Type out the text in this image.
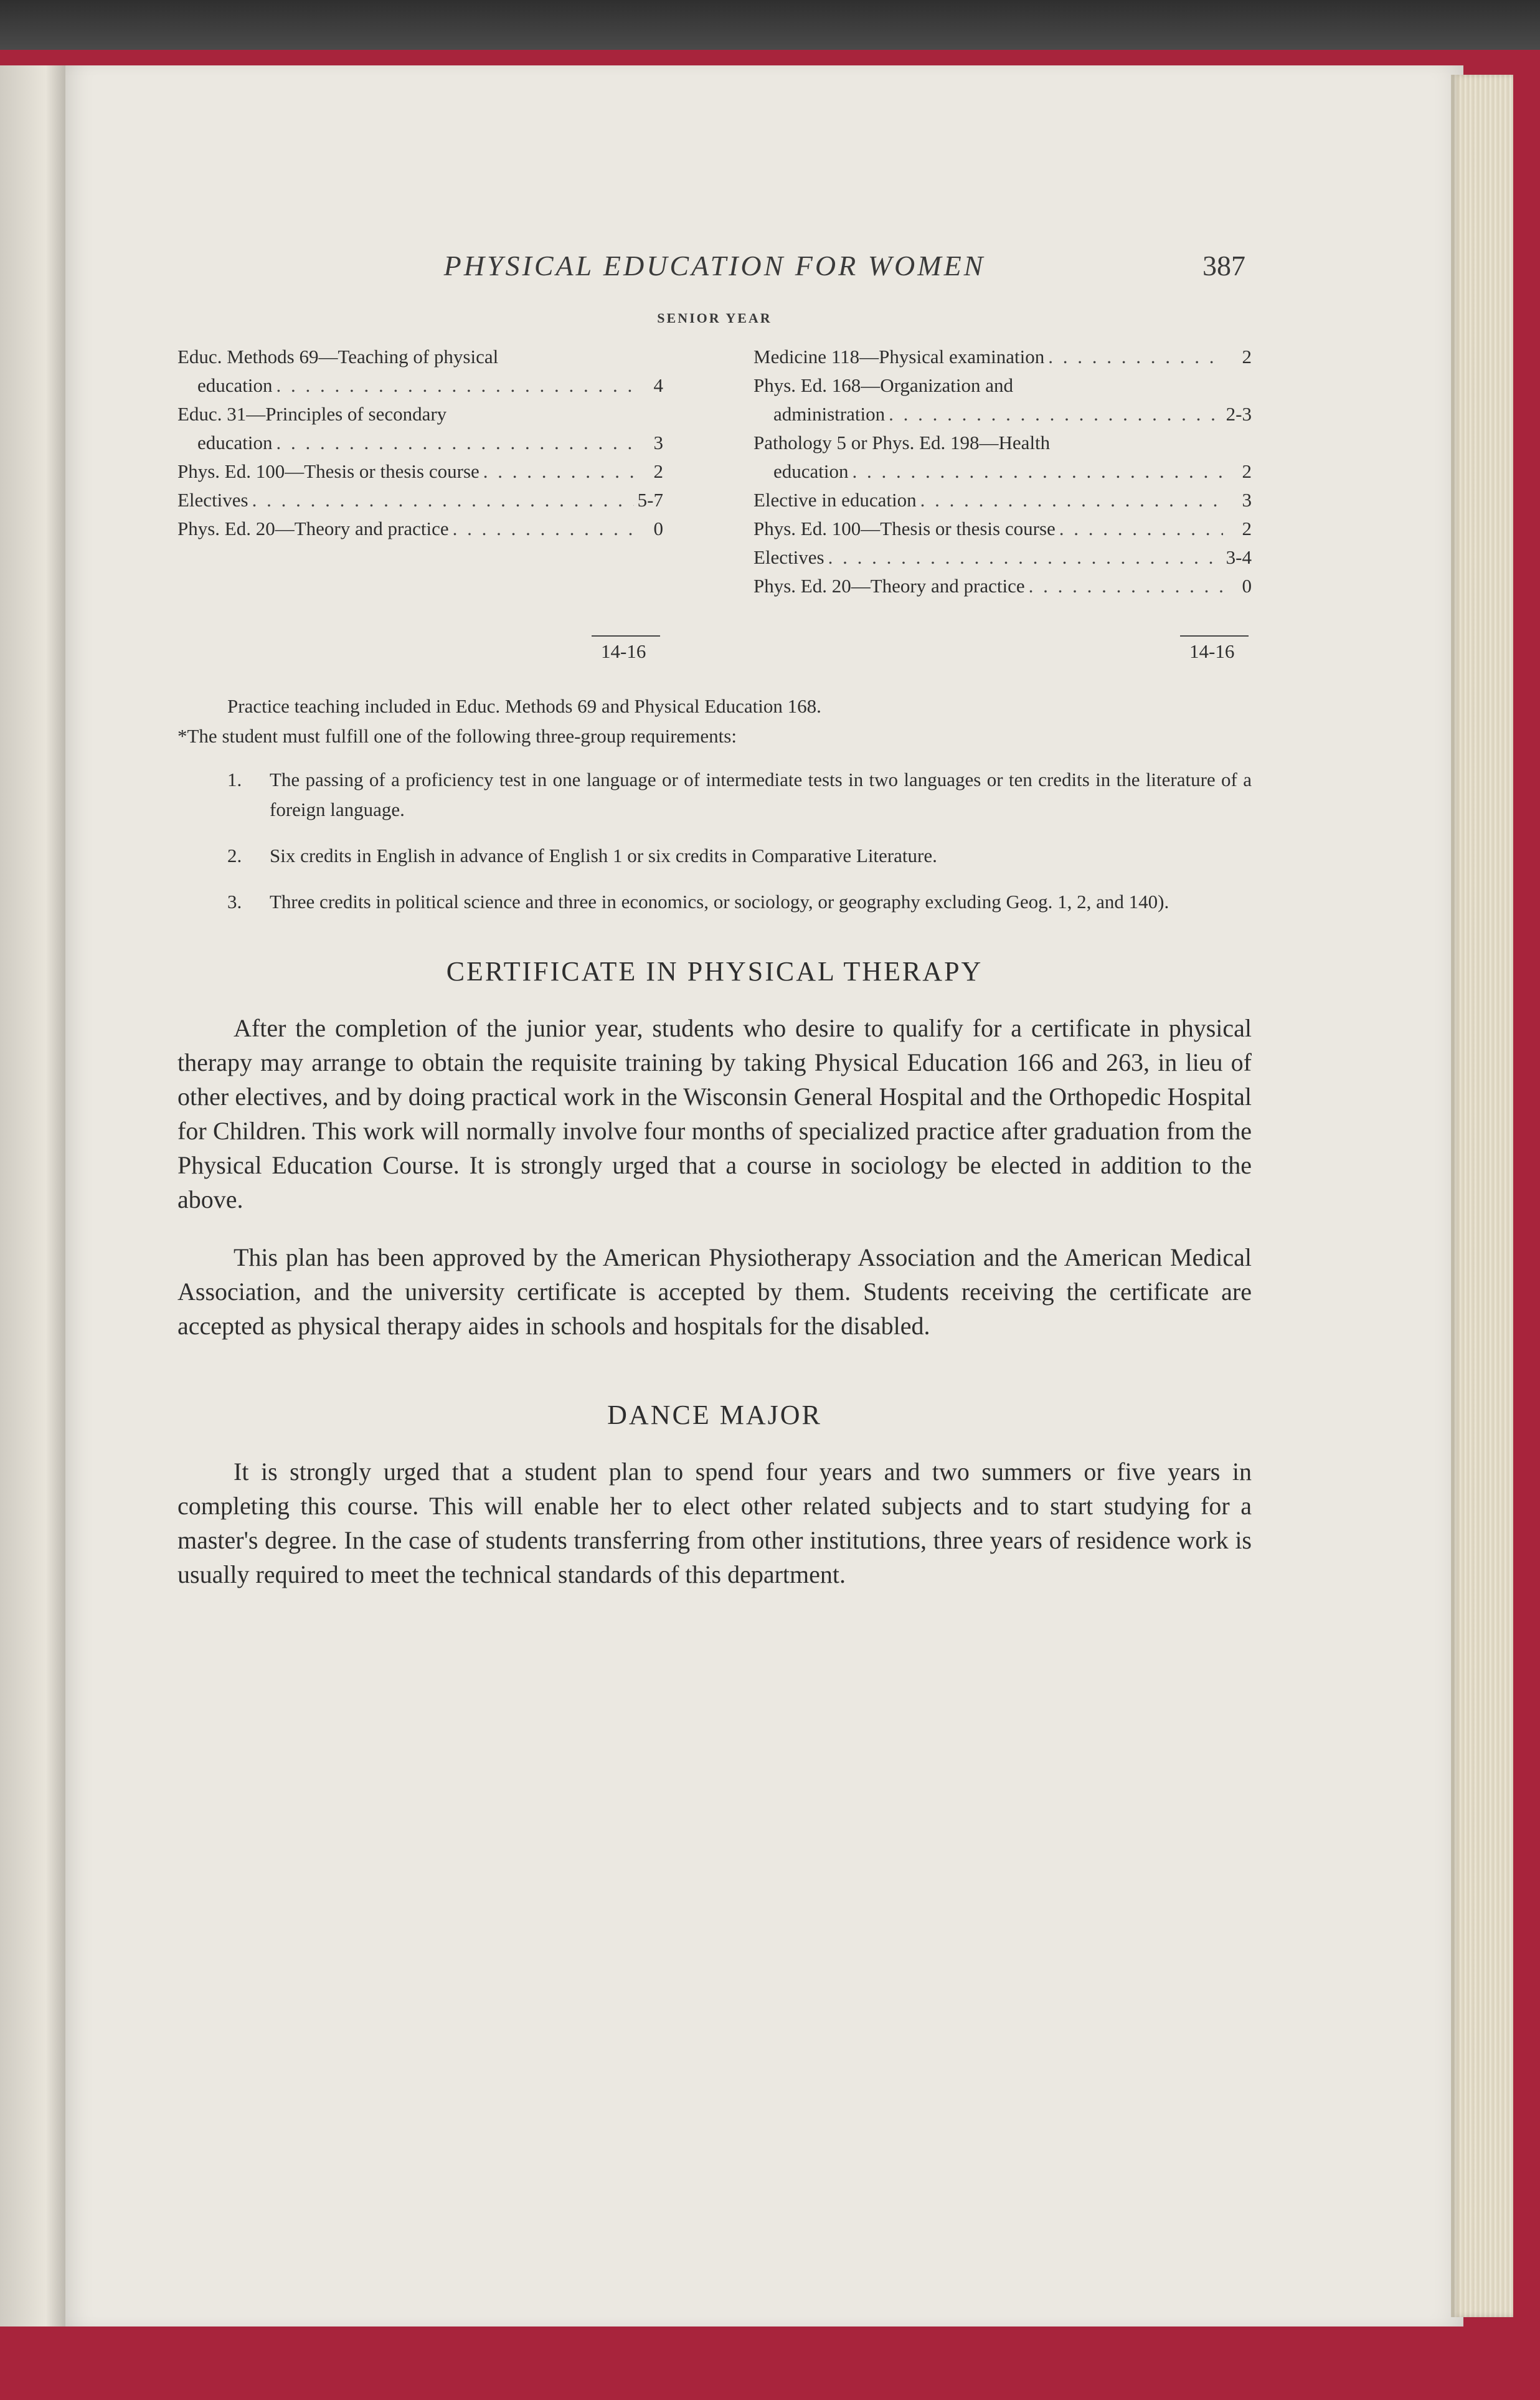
PHYSICAL EDUCATION FOR WOMEN	387
SENIOR YEAR
Educ. Methods 69—Teaching of physical
education . . .	4
Educ. 31—Principles of secondary
education . . .	3
Phys. Ed. 100—Thesis or thesis course . . .	2
Electives . . .	5-7
Phys. Ed. 20—Theory and practice . . .	0
Medicine 118—Physical examination . . .	2
Phys. Ed. 168—Organization and
administration . . .	2-3
Pathology 5 or Phys. Ed. 198—Health
education . . .	2
Elective in education . . .	3
Phys. Ed. 100—Thesis or thesis course . . .	2
Electives . . .	3-4
Phys. Ed. 20—Theory and practice . . .	0
14-16	14-16
Practice teaching included in Educ. Methods 69 and Physical Education 168.
*The student must fulfill one of the following three-group requirements:
1. The passing of a proficiency test in one language or of intermediate tests in two languages or ten credits in the literature of a foreign language.
2. Six credits in English in advance of English 1 or six credits in Comparative Literature.
3. Three credits in political science and three in economics, or sociology, or geography excluding Geog. 1, 2, and 140).
CERTIFICATE IN PHYSICAL THERAPY

After the completion of the junior year, students who desire to qualify for a certificate in physical therapy may arrange to obtain the requisite training by taking Physical Education 166 and 263, in lieu of other electives, and by doing practical work in the Wisconsin General Hospital and the Orthopedic Hospital for Children. This work will normally involve four months of specialized practice after graduation from the Physical Education Course. It is strongly urged that a course in sociology be elected in addition to the above.

This plan has been approved by the American Physiotherapy Association and the American Medical Association, and the university certificate is accepted by them. Students receiving the certificate are accepted as physical therapy aides in schools and hospitals for the disabled.

DANCE MAJOR

It is strongly urged that a student plan to spend four years and two summers or five years in completing this course. This will enable her to elect other related subjects and to start studying for a master's degree. In the case of students transferring from other institutions, three years of residence work is usually required to meet the technical standards of this department.
